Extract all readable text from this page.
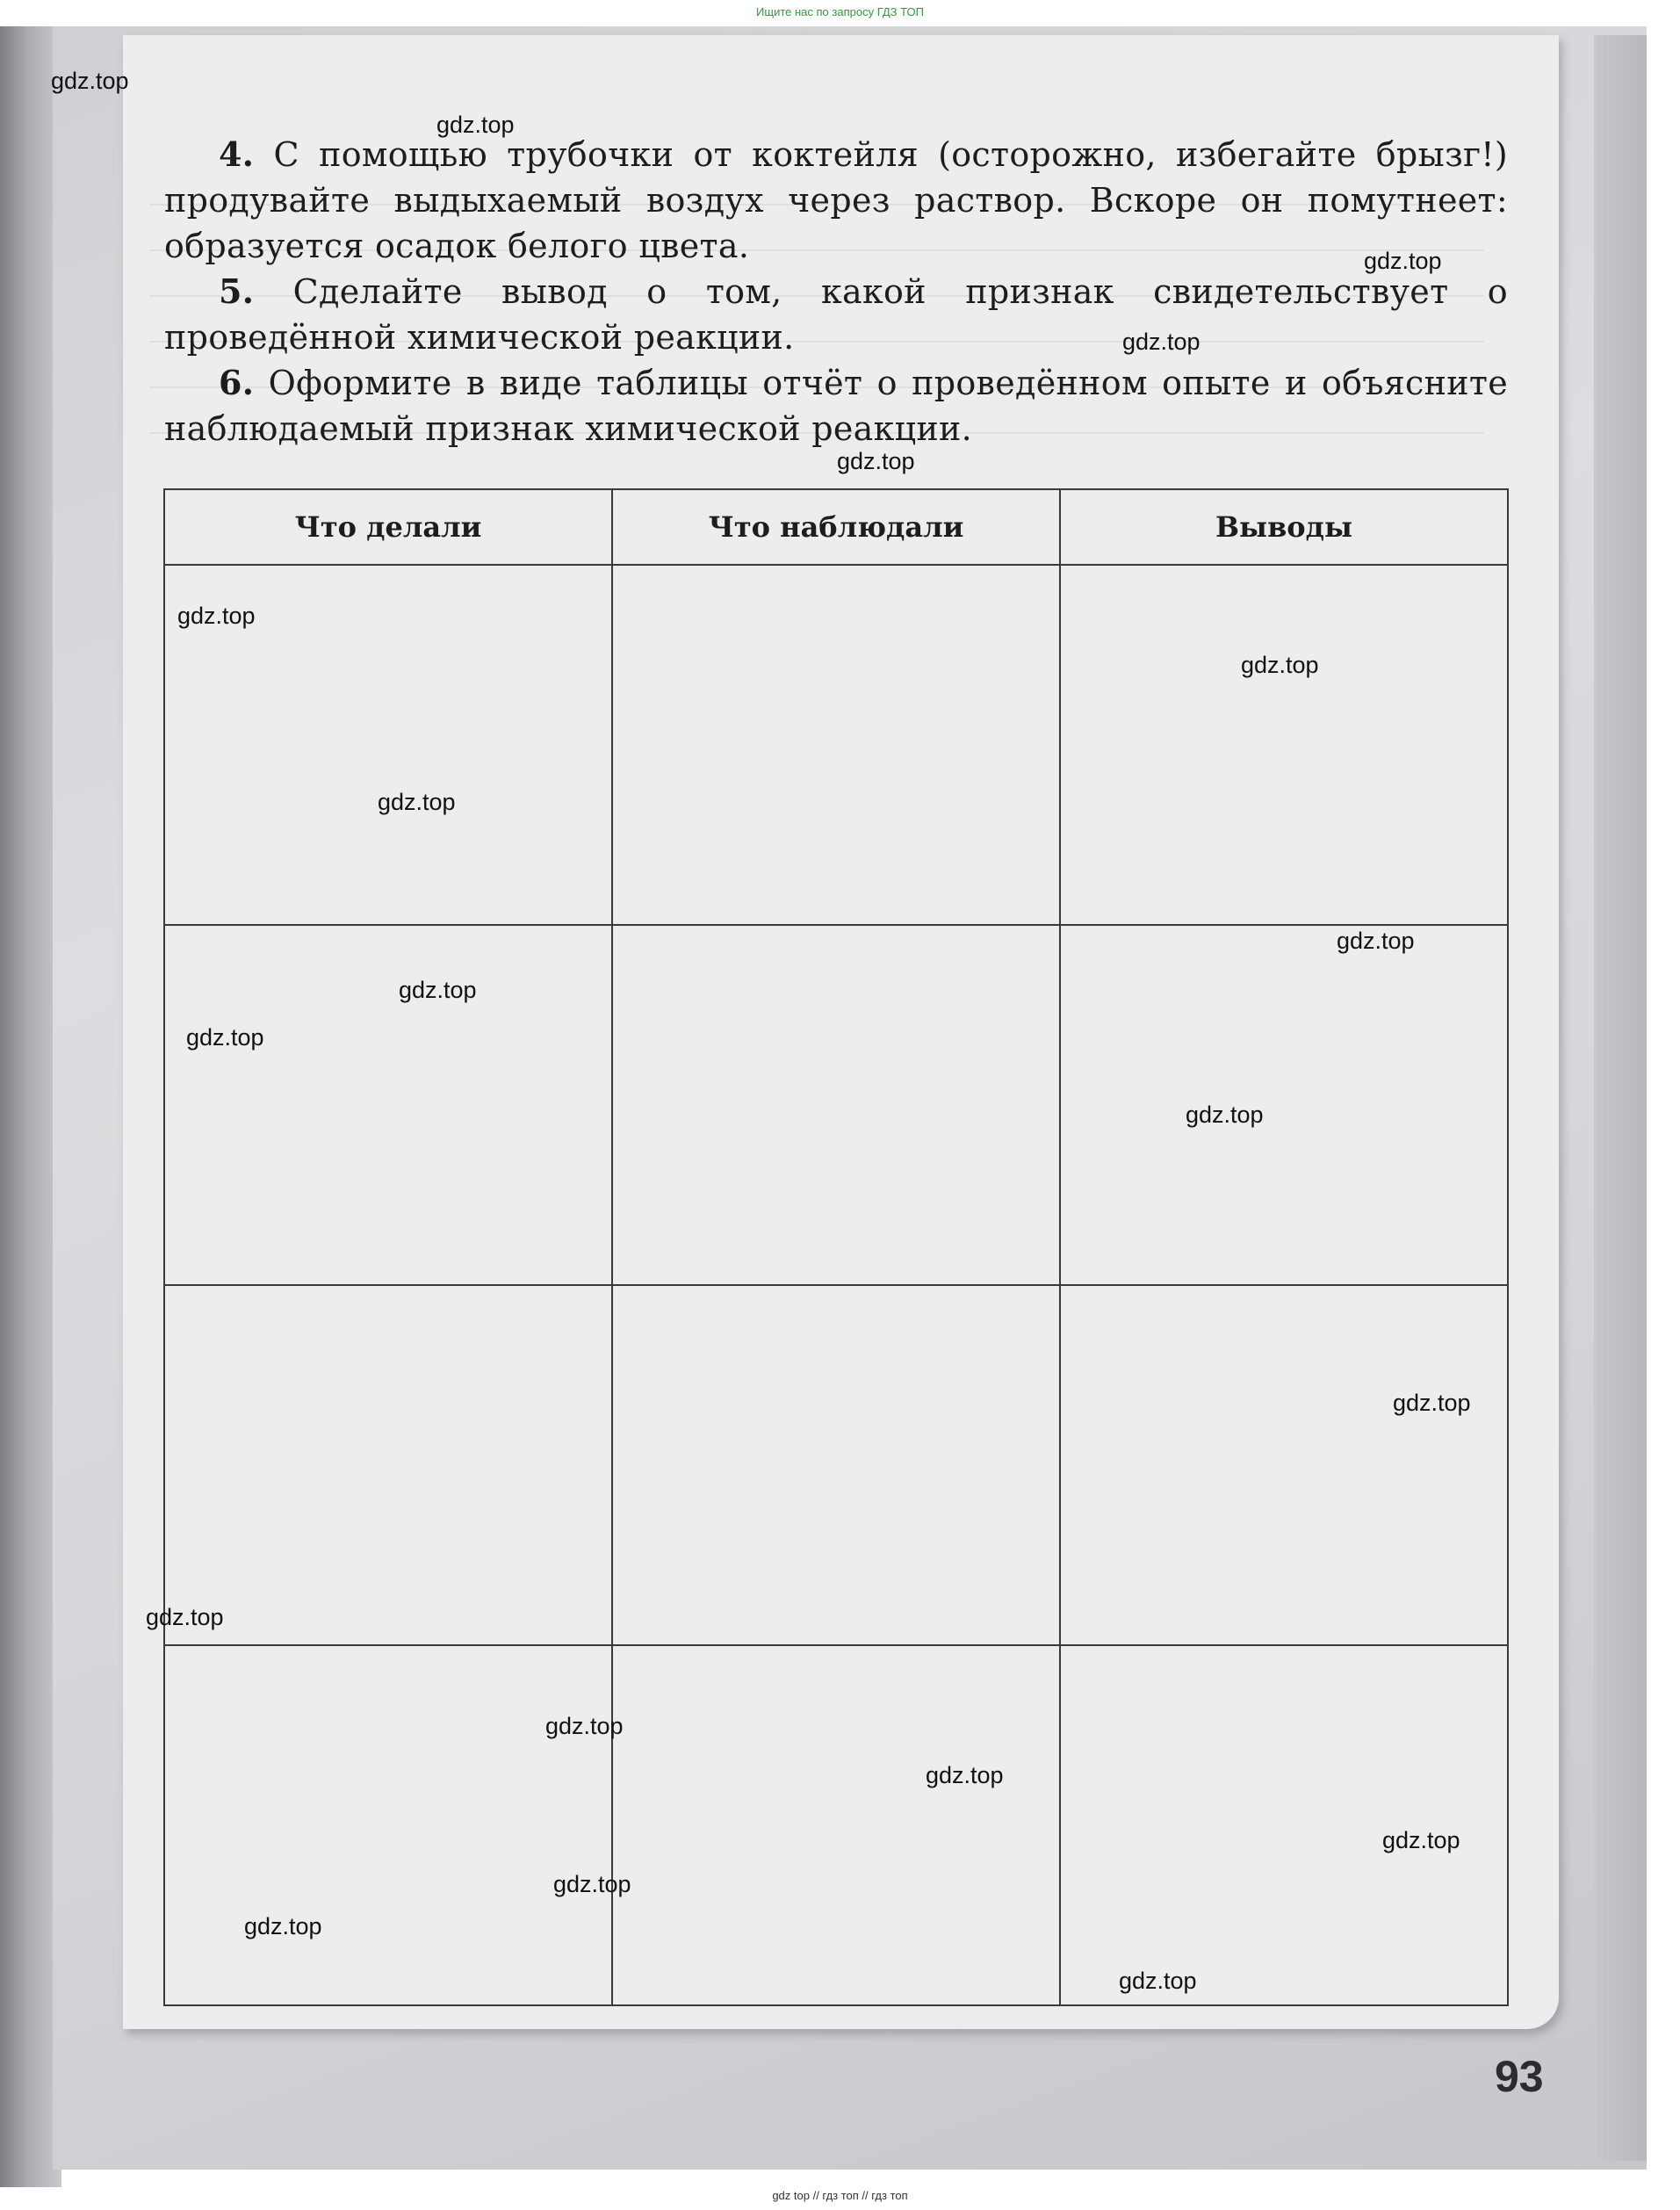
Ищите нас по запросу ГДЗ ТОП

4. С помощью трубочки от коктейля (осторожно, избегайте брызг!) продувайте выдыхаемый воздух через раствор. Вскоре он помутнеет: образуется осадок белого цвета.

5. Сделайте вывод о том, какой признак свидетельствует о проведённой химической реакции.

6. Оформите в виде таблицы отчёт о проведённом опыте и объясните наблюдаемый признак химической реакции.

Что делали	Что наблюдали	Выводы

gdz.top
gdz.top
gdz.top
gdz.top
gdz.top
gdz.top
gdz.top
gdz.top
gdz.top
gdz.top
gdz.top
gdz.top
gdz.top
gdz.top
gdz.top
gdz.top
gdz.top
gdz.top
gdz.top
gdz.top
93
gdz top // гдз топ // гдз топ
